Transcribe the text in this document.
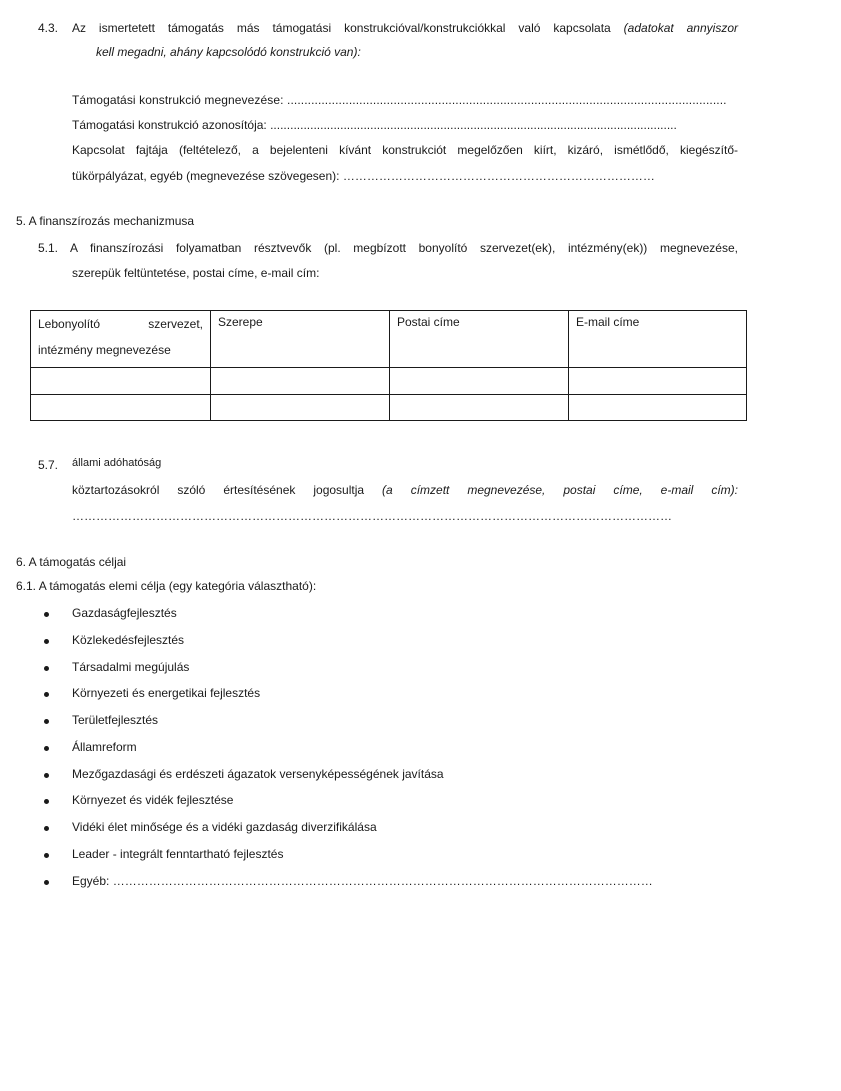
4.3. Az ismertetett támogatás más támogatási konstrukcióval/konstrukciókkal való kapcsolata (adatokat annyiszor
kell megadni, ahány kapcsolódó konstrukció van):
Támogatási konstrukció megnevezése: ................................................................................................................................
Támogatási konstrukció azonosítója: ..........................................................................................................................
Kapcsolat fajtája (feltételező, a bejelenteni kívánt konstrukciót megelőzően kiírt, kizáró, ismétlődő, kiegészítő-
tükörpályázat, egyéb (megnevezése szövegesen): ……………………………………………………………………
5. A finanszírozás mechanizmusa
5.1. A finanszírozási folyamatban résztvevők (pl. megbízott bonyolító szervezet(ek), intézmény(ek)) megnevezése,
szerepük feltüntetése, postai címe, e-mail cím:
Lebonyolító szervezet, intézmény megnevezése	Szerepe	Postai címe	E-mail címe

5.7. állami adóhatóság
köztartozásokról szóló értesítésének jogosultja (a címzett megnevezése, postai címe, e-mail cím):
……………………………………………………………………………………………………………………………………
6. A támogatás céljai
6.1. A támogatás elemi célja (egy kategória választható):
Gazdaságfejlesztés
Közlekedésfejlesztés
Társadalmi megújulás
Környezeti és energetikai fejlesztés
Területfejlesztés
Államreform
Mezőgazdasági és erdészeti ágazatok versenyképességének javítása
Környezet és vidék fejlesztése
Vidéki élet minősége és a vidéki gazdaság diverzifikálása
Leader - integrált fenntartható fejlesztés
Egyéb: ………………………………………………………………………………………………………………………
